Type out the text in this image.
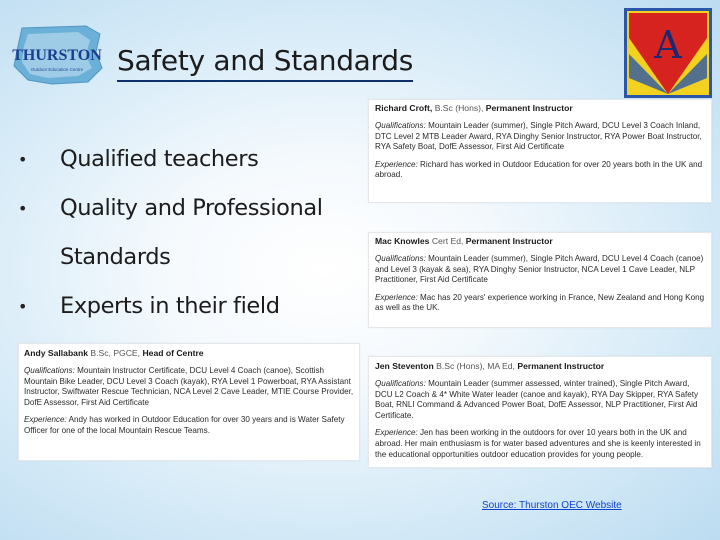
THURSTON
Outdoor Education Centre
A
Safety and Standards
• Qualified teachers
• Quality and Professional Standards
• Experts in their field
Richard Croft, B.Sc (Hons), Permanent Instructor
Qualifications: Mountain Leader (summer), Single Pitch Award, DCU Level 3 Coach Inland, DTC Level 2 MTB Leader Award, RYA Dinghy Senior Instructor, RYA Power Boat Instructor, RYA Safety Boat, DofE Assessor, First Aid Certificate
Experience: Richard has worked in Outdoor Education for over 20 years both in the UK and abroad.
Mac Knowles Cert Ed, Permanent Instructor
Qualifications: Mountain Leader (summer), Single Pitch Award, DCU Level 4 Coach (canoe) and Level 3 (kayak & sea), RYA Dinghy Senior Instructor, NCA Level 1 Cave Leader, NLP Practitioner, First Aid Certificate
Experience: Mac has 20 years' experience working in France, New Zealand and Hong Kong as well as the UK.
Andy Sallabank B.Sc, PGCE, Head of Centre
Qualifications: Mountain Instructor Certificate, DCU Level 4 Coach (canoe), Scottish Mountain Bike Leader, DCU Level 3 Coach (kayak), RYA Level 1 Powerboat, RYA Assistant Instructor, Swiftwater Rescue Technician, NCA Level 2 Cave Leader, MTIE Course Provider, DofE Assessor, First Aid Certificate
Experience: Andy has worked in Outdoor Education for over 30 years and is Water Safety Officer for one of the local Mountain Rescue Teams.
Jen Steventon B.Sc (Hons), MA Ed, Permanent Instructor
Qualifications: Mountain Leader (summer assessed, winter trained), Single Pitch Award, DCU L2 Coach & 4* White Water leader (canoe and kayak), RYA Day Skipper, RYA Safety Boat, RNLI Command & Advanced Power Boat, DofE Assessor, NLP Practitioner, First Aid Certificate.
Experience: Jen has been working in the outdoors for over 10 years both in the UK and abroad. Her main enthusiasm is for water based adventures and she is keenly interested in the educational opportunities outdoor education provides for young people.
Source: Thurston OEC Website
